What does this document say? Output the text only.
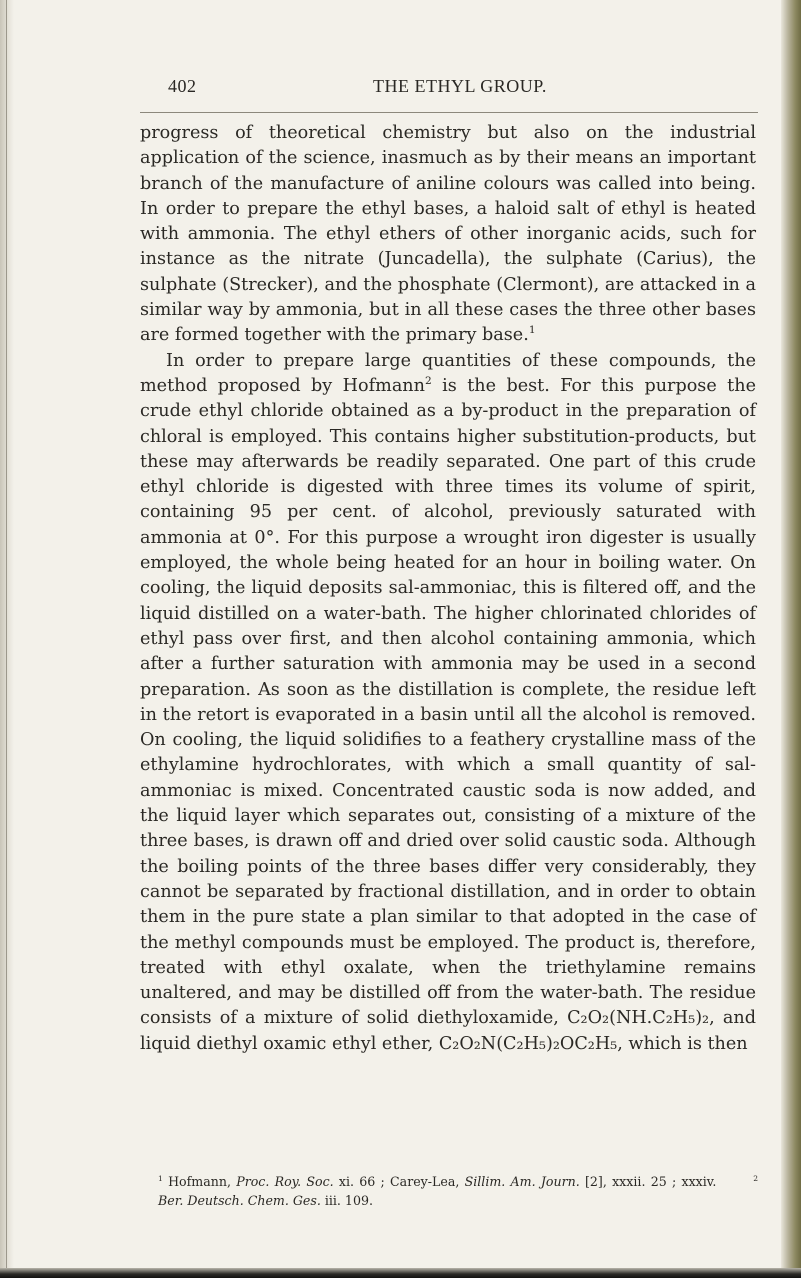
402	THE ETHYL GROUP.

progress of theoretical chemistry but also on the industrial application of the science, inasmuch as by their means an important branch of the manufacture of aniline colours was called into being. In order to prepare the ethyl bases, a haloid salt of ethyl is heated with ammonia. The ethyl ethers of other inorganic acids, such for instance as the nitrate (Juncadella), the sulphate (Carius), the sulphate (Strecker), and the phosphate (Clermont), are attacked in a similar way by ammonia, but in all these cases the three other bases are formed together with the primary base.$^1$

In order to prepare large quantities of these compounds, the method proposed by Hofmann$^2$ is the best. For this purpose the crude ethyl chloride obtained as a by-product in the preparation of chloral is employed. This contains higher substitution-products, but these may afterwards be readily separated. One part of this crude ethyl chloride is digested with three times its volume of spirit, containing 95 per cent. of alcohol, previously saturated with ammonia at 0°. For this purpose a wrought iron digester is usually employed, the whole being heated for an hour in boiling water. On cooling, the liquid deposits sal-ammoniac, this is filtered off, and the liquid distilled on a water-bath. The higher chlorinated chlorides of ethyl pass over first, and then alcohol containing ammonia, which after a further saturation with ammonia may be used in a second preparation. As soon as the distillation is complete, the residue left in the retort is evaporated in a basin until all the alcohol is removed. On cooling, the liquid solidifies to a feathery crystalline mass of the ethylamine hydrochlorates, with which a small quantity of sal-ammoniac is mixed. Concentrated caustic soda is now added, and the liquid layer which separates out, consisting of a mixture of the three bases, is drawn off and dried over solid caustic soda. Although the boiling points of the three bases differ very considerably, they cannot be separated by fractional distillation, and in order to obtain them in the pure state a plan similar to that adopted in the case of the methyl compounds must be employed. The product is, therefore, treated with ethyl oxalate, when the triethylamine remains unaltered, and may be distilled off from the water-bath. The residue consists of a mixture of solid diethyloxamide, C₂O₂(NH.C₂H₅)₂, and liquid diethyl oxamic ethyl ether, C₂O₂N(C₂H₅)₂OC₂H₅, which is then

$^1$ Hofmann, Proc. Roy. Soc. xi. 66 ; Carey-Lea, Sillim. Am. Journ. [2], xxxii. 25 ; xxxiv.	$^2$ Ber. Deutsch. Chem. Ges. iii. 109.
